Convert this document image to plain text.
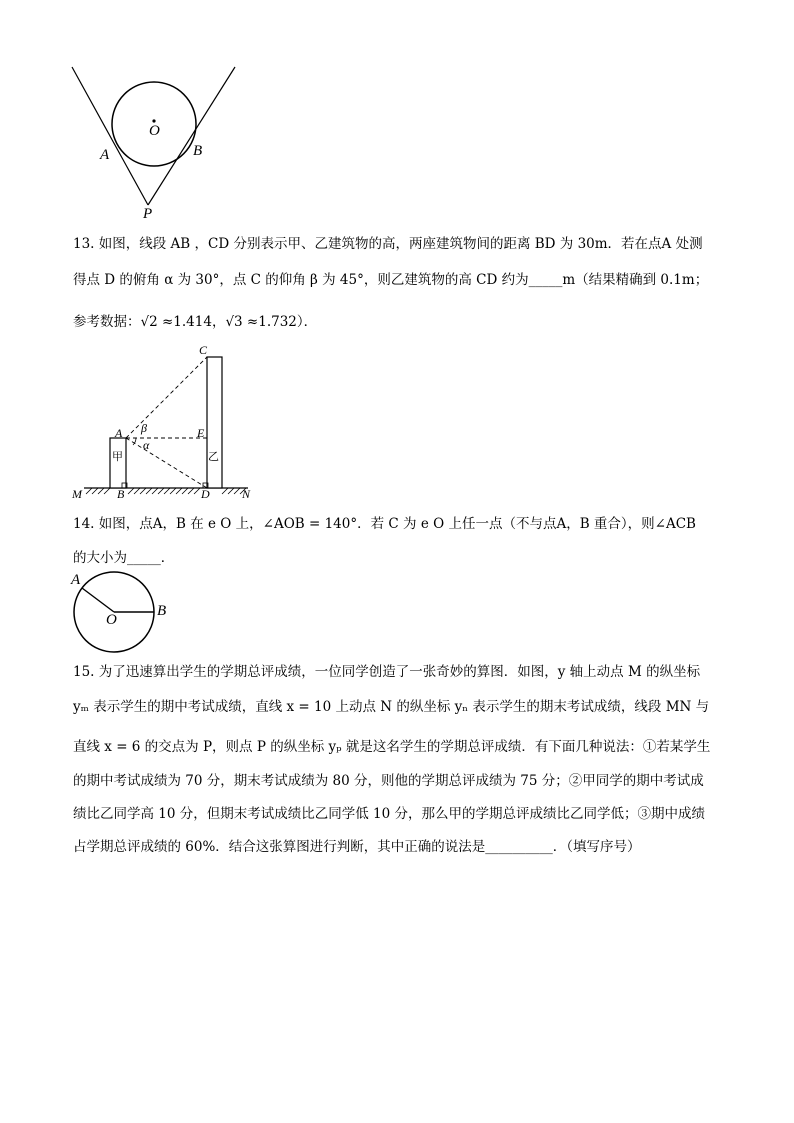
O
A	B
P
13. 如图，线段 AB ，CD 分别表示甲、乙建筑物的高，两座建筑物间的距离 BD 为 30m．若在点A 处测
得点 D 的俯角 α 为 30°，点 C 的仰角 β 为 45°，则乙建筑物的高 CD 约为_____m（结果精确到 0.1m；
参考数据：√2 ≈1.414，√3 ≈1.732）．
C
A	E
β
α
甲	乙
M	B	D	N
14. 如图，点A，B 在 e O 上，∠AOB = 140°．若 C 为 e O 上任一点（不与点A，B 重合），则∠ACB
的大小为_____．
A
B
O
15. 为了迅速算出学生的学期总评成绩，一位同学创造了一张奇妙的算图．如图，y 轴上动点 M 的纵坐标
yₘ 表示学生的期中考试成绩，直线 x = 10 上动点 N 的纵坐标 yₙ 表示学生的期末考试成绩，线段 MN 与
直线 x = 6 的交点为 P，则点 P 的纵坐标 yₚ 就是这名学生的学期总评成绩．有下面几种说法：①若某学生
的期中考试成绩为 70 分，期末考试成绩为 80 分，则他的学期总评成绩为 75 分；②甲同学的期中考试成
绩比乙同学高 10 分，但期末考试成绩比乙同学低 10 分，那么甲的学期总评成绩比乙同学低；③期中成绩
占学期总评成绩的 60%．结合这张算图进行判断，其中正确的说法是__________．（填写序号）
